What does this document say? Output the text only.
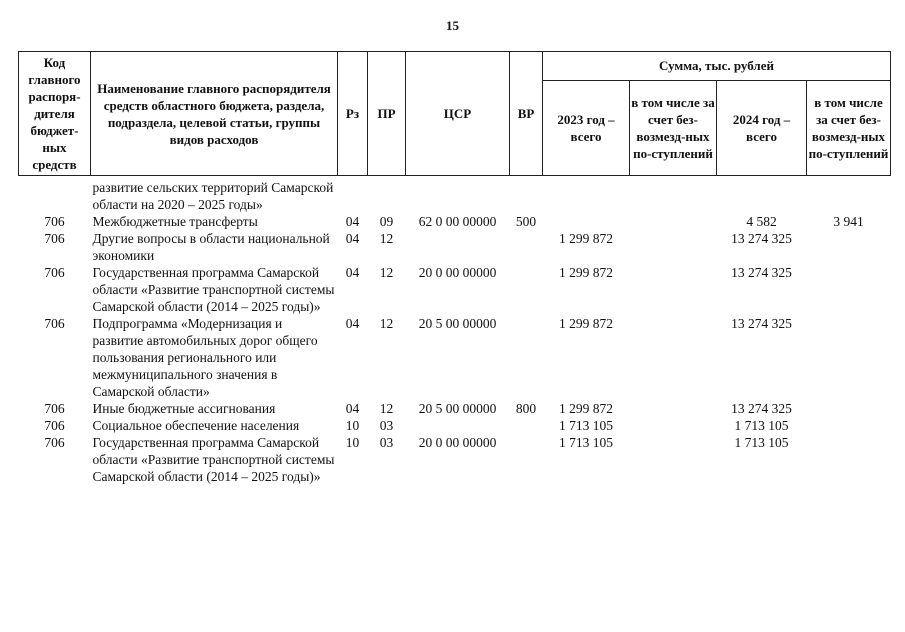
15
Код главного распоря-дителя бюджет-ных средств	Наименование главного распорядителя средств областного бюджета, раздела, подраздела, целевой статьи, группы видов расходов	Рз	ПР	ЦСР	ВР	Сумма, тыс. рублей			
						2023 год – всего	в том числе за счет без-возмезд-ных по-ступлений	2024 год – всего	в том числе за счет без-возмезд-ных по-ступлений
	развитие сельских территорий Самарской области на 2020 – 2025 годы»								
706	Межбюджетные трансферты	04	09	62 0 00 00000	500			4 582	3 941
706	Другие вопросы в области национальной экономики	04	12			1 299 872		13 274 325	
706	Государственная программа Самарской области «Развитие транспортной системы Самарской области (2014 – 2025 годы)»	04	12	20 0 00 00000		1 299 872		13 274 325	
706	Подпрограмма «Модернизация и развитие автомобильных дорог общего пользования регионального или межмуниципального значения в Самарской области»	04	12	20 5 00 00000		1 299 872		13 274 325	
706	Иные бюджетные ассигнования	04	12	20 5 00 00000	800	1 299 872		13 274 325	
706	Социальное обеспечение населения	10	03			1 713 105		1 713 105	
706	Государственная программа Самарской области «Развитие транспортной системы Самарской области (2014 – 2025 годы)»	10	03	20 0 00 00000		1 713 105		1 713 105	
